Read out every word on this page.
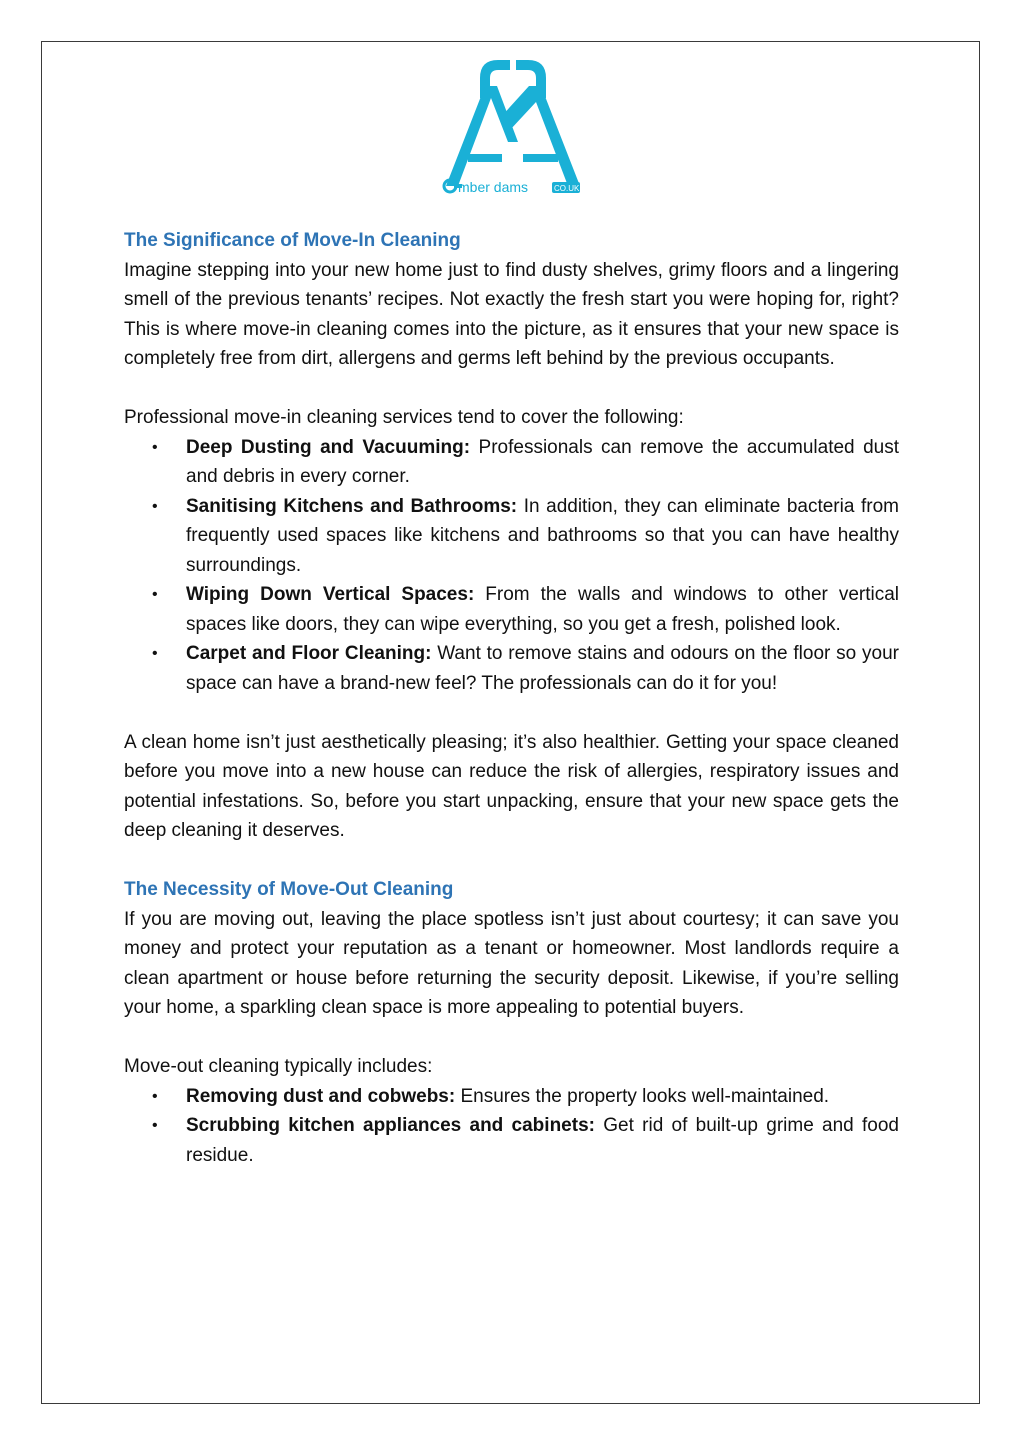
mber dams	CO.UK
The Significance of Move-In Cleaning

Imagine stepping into your new home just to find dusty shelves, grimy floors and a lingering smell of the previous tenants’ recipes. Not exactly the fresh start you were hoping for, right? This is where move-in cleaning comes into the picture, as it ensures that your new space is completely free from dirt, allergens and germs left behind by the previous occupants.

Professional move-in cleaning services tend to cover the following:

• Deep Dusting and Vacuuming: Professionals can remove the accumulated dust and debris in every corner.
• Sanitising Kitchens and Bathrooms: In addition, they can eliminate bacteria from frequently used spaces like kitchens and bathrooms so that you can have healthy surroundings.
• Wiping Down Vertical Spaces: From the walls and windows to other vertical spaces like doors, they can wipe everything, so you get a fresh, polished look.
• Carpet and Floor Cleaning: Want to remove stains and odours on the floor so your space can have a brand-new feel? The professionals can do it for you!

A clean home isn’t just aesthetically pleasing; it’s also healthier. Getting your space cleaned before you move into a new house can reduce the risk of allergies, respiratory issues and potential infestations. So, before you start unpacking, ensure that your new space gets the deep cleaning it deserves.

The Necessity of Move-Out Cleaning

If you are moving out, leaving the place spotless isn’t just about courtesy; it can save you money and protect your reputation as a tenant or homeowner. Most landlords require a clean apartment or house before returning the security deposit. Likewise, if you’re selling your home, a sparkling clean space is more appealing to potential buyers.

Move-out cleaning typically includes:

• Removing dust and cobwebs: Ensures the property looks well-maintained.
• Scrubbing kitchen appliances and cabinets: Get rid of built-up grime and food residue.
